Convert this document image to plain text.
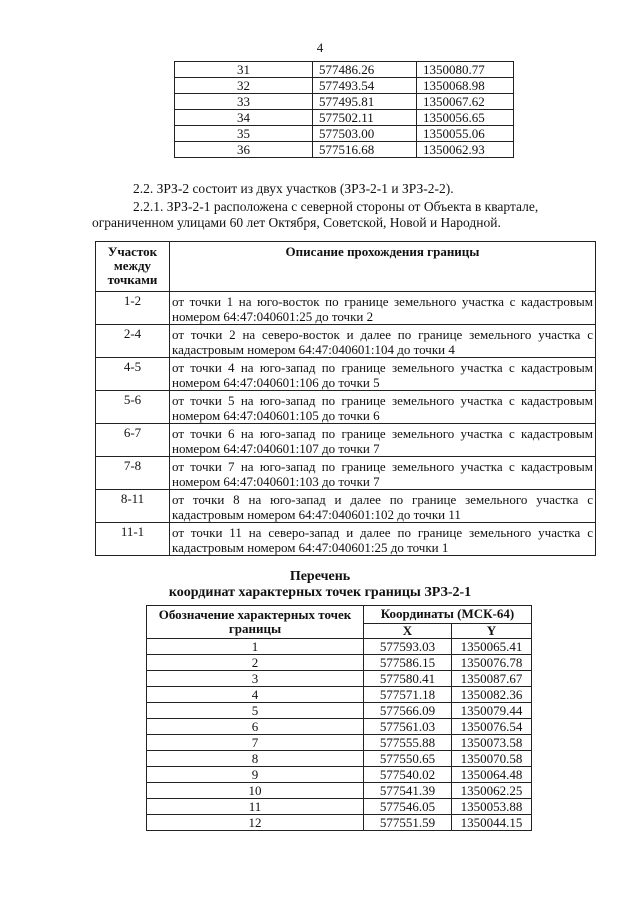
4
31	577486.26	1350080.77
32	577493.54	1350068.98
33	577495.81	1350067.62
34	577502.11	1350056.65
35	577503.00	1350055.06
36	577516.68	1350062.93
2.2. ЗРЗ-2 состоит из двух участков (ЗРЗ-2-1 и ЗРЗ-2-2).
2.2.1. ЗРЗ-2-1 расположена с северной стороны от Объекта в квартале,
ограниченном улицами 60 лет Октября, Советской, Новой и Народной.
Участок между точками	Описание прохождения границы
1-2	от точки 1 на юго-восток по границе земельного участка с кадастровым номером 64:47:040601:25 до точки 2
2-4	от точки 2 на северо-восток и далее по границе земельного участка с кадастровым номером 64:47:040601:104 до точки 4
4-5	от точки 4 на юго-запад по границе земельного участка с кадастровым номером 64:47:040601:106 до точки 5
5-6	от точки 5 на юго-запад по границе земельного участка с кадастровым номером 64:47:040601:105 до точки 6
6-7	от точки 6 на юго-запад по границе земельного участка с кадастровым номером 64:47:040601:107 до точки 7
7-8	от точки 7 на юго-запад по границе земельного участка с кадастровым номером 64:47:040601:103 до точки 7
8-11	от точки 8 на юго-запад и далее по границе земельного участка с кадастровым номером 64:47:040601:102 до точки 11
11-1	от точки 11 на северо-запад и далее по границе земельного участка с кадастровым номером 64:47:040601:25 до точки 1
Перечень
координат характерных точек границы ЗРЗ-2-1
Обозначение характерных точек границы	Координаты (МСК-64)	
	X	Y
1	577593.03	1350065.41
2	577586.15	1350076.78
3	577580.41	1350087.67
4	577571.18	1350082.36
5	577566.09	1350079.44
6	577561.03	1350076.54
7	577555.88	1350073.58
8	577550.65	1350070.58
9	577540.02	1350064.48
10	577541.39	1350062.25
11	577546.05	1350053.88
12	577551.59	1350044.15
